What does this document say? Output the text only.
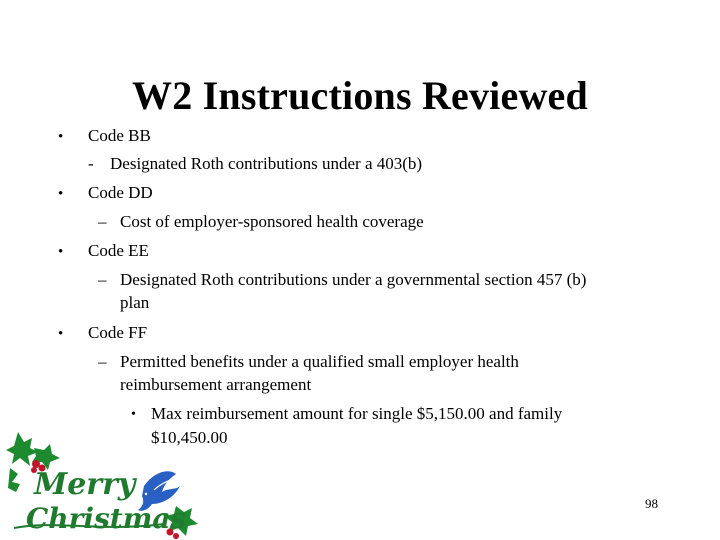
W2 Instructions Reviewed
• Code BB
- Designated Roth contributions under a 403(b)
• Code DD
– Cost of employer-sponsored health coverage
• Code EE
– Designated Roth contributions under a governmental section 457 (b)
plan
• Code FF
– Permitted benefits under a qualified small employer health
reimbursement arrangement
• Max reimbursement amount for single $5,150.00 and family
$10,450.00
98
Merry
Christmas
